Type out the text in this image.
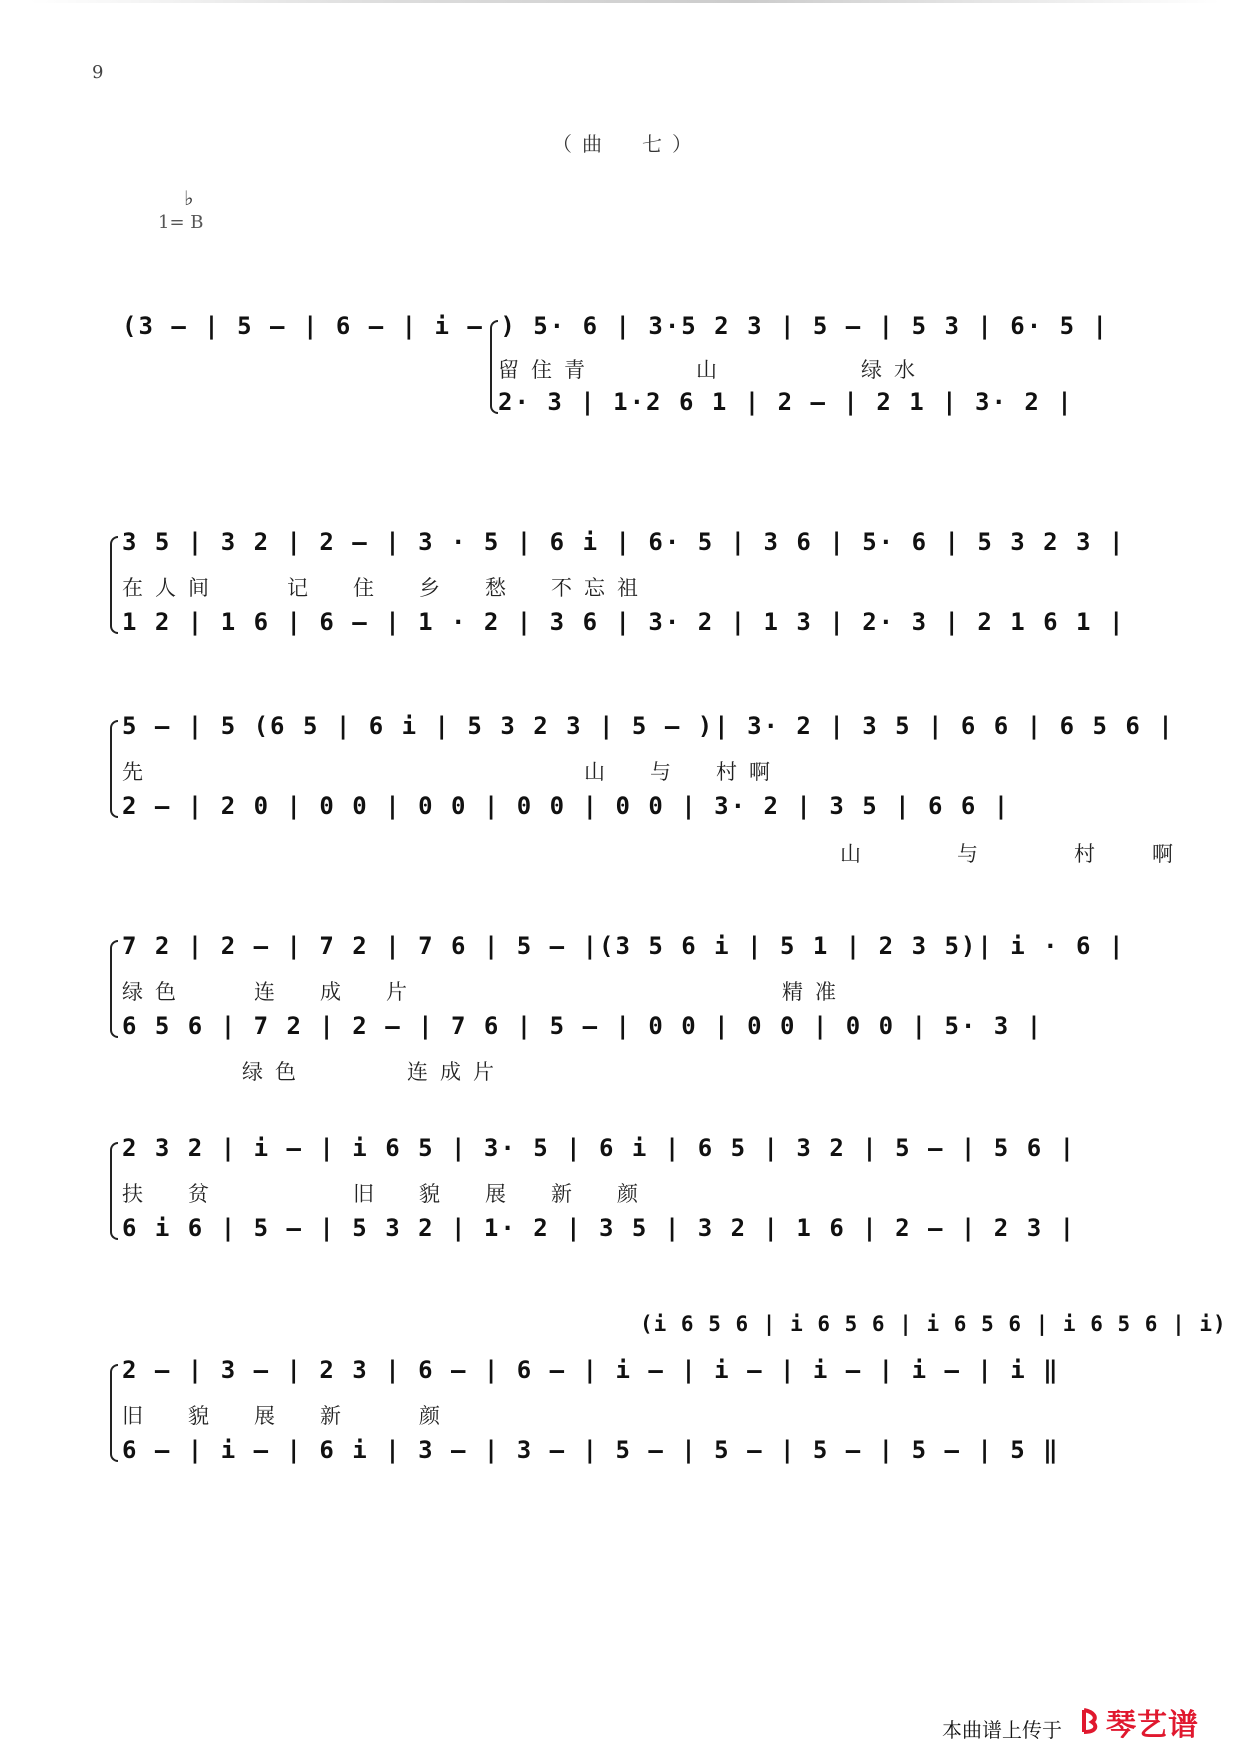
9
（曲　七）
♭
1= B
(3 – | 5 – | 6 – | i – ) 5· 6 | 3·5 2 3 | 5 – | 5 3 | 6· 5 |
留住青　　　山　　　　绿水
2· 3 | 1·2 6 1 | 2 – | 2 1 | 3· 2 |
3 5 | 3 2 | 2 – | 3 · 5 | 6 i | 6· 5 | 3 6 | 5· 6 | 5 3 2 3 |
在人间　　记　住　乡　愁　不忘祖
1 2 | 1 6 | 6 – | 1 · 2 | 3 6 | 3· 2 | 1 3 | 2· 3 | 2 1 6 1 |
5 – | 5 (6 5 | 6 i | 5 3 2 3 | 5 – )| 3· 2 | 3 5 | 6 6 | 6 5 6 |
先　　　　　　　　　　　　　山　与　村啊
2 – | 2 0 | 0 0 | 0 0 | 0 0 | 0 0 | 3· 2 | 3 5 | 6 6 |
山　　与　　村　啊
7 2 | 2 – | 7 2 | 7 6 | 5 – |(3 5 6 i | 5 1 | 2 3 5)| i · 6 |
绿色　　连　成　片　　　　　　　　　　　精准
6 5 6 | 7 2 | 2 – | 7 6 | 5 – | 0 0 | 0 0 | 0 0 | 5· 3 |
绿色　　　连成片
2 3 2 | i – | i 6 5 | 3· 5 | 6 i | 6 5 | 3 2 | 5 – | 5 6 |
扶　贫　　　　旧　貌　展　新　颜
6 i 6 | 5 – | 5 3 2 | 1· 2 | 3 5 | 3 2 | 1 6 | 2 – | 2 3 |
(i 6 5 6 | i 6 5 6 | i 6 5 6 | i 6 5 6 | i)
2 – | 3 – | 2 3 | 6 – | 6 – | i – | i – | i – | i – | i ‖
旧　貌　展　新　　颜
6 – | i – | 6 i | 3 – | 3 – | 5 – | 5 – | 5 – | 5 – | 5 ‖
本曲谱上传于 琴艺谱
